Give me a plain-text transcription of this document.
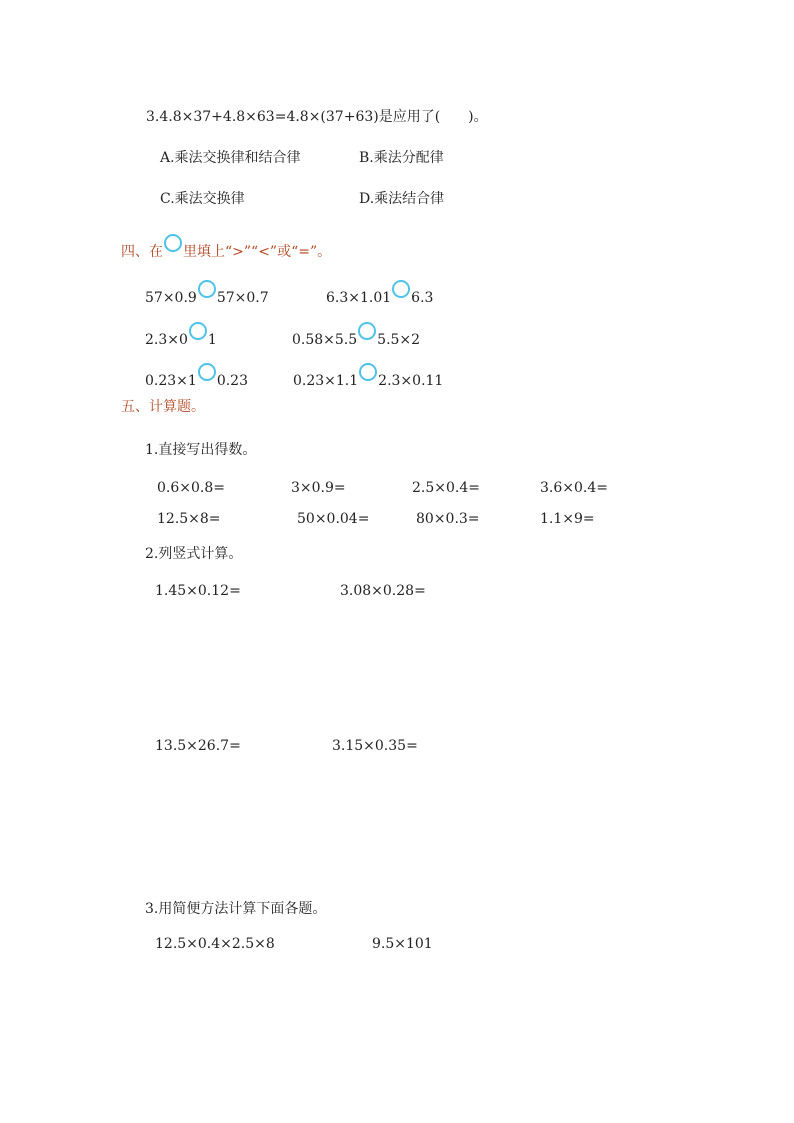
3.4.8×37+4.8×63=4.8×(37+63)是应用了(　　)。
A.乘法交换律和结合律	B.乘法分配律
C.乘法交换律	D.乘法结合律
四、在 里填上“>”“<”或“=”。
57×0.9 57×0.7	6.3×1.01 6.3
2.3×0 1	0.58×5.5 5.5×2
0.23×1 0.23	0.23×1.1 2.3×0.11
五、计算题。
1.直接写出得数。
0.6×0.8=	3×0.9=	2.5×0.4=	3.6×0.4=
12.5×8=	50×0.04=	80×0.3=	1.1×9=
2.列竖式计算。
1.45×0.12=	3.08×0.28=
13.5×26.7=	3.15×0.35=
3.用简便方法计算下面各题。
12.5×0.4×2.5×8	9.5×101
